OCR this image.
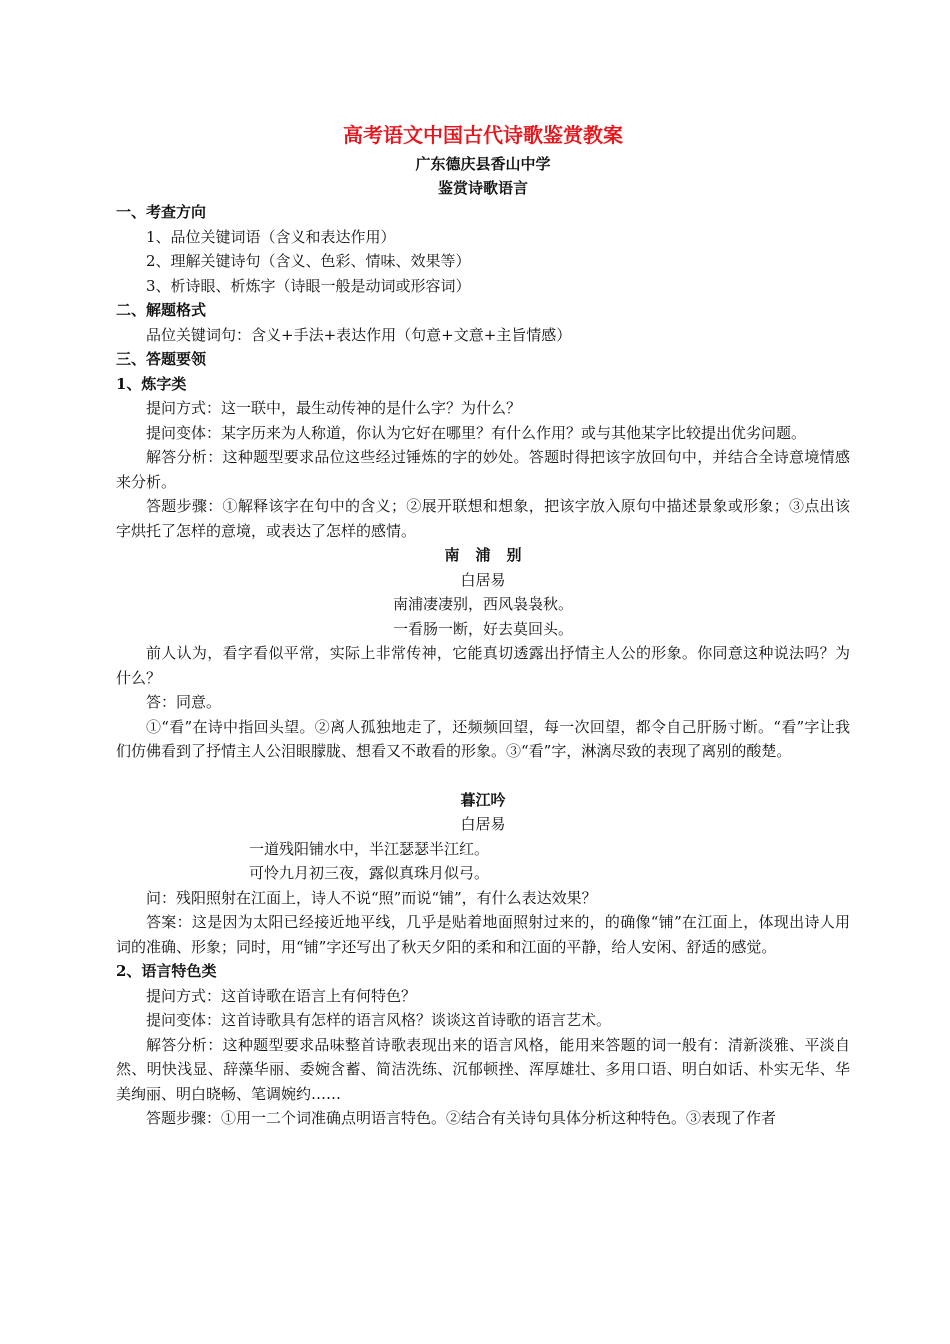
高考语文中国古代诗歌鉴赏教案
广东德庆县香山中学
鉴赏诗歌语言
一、考查方向

1、品位关键词语（含义和表达作用）

2、理解关键诗句（含义、色彩、情味、效果等）

3、析诗眼、析炼字（诗眼一般是动词或形容词）

二、解题格式

品位关键词句：含义+手法+表达作用（句意+文意+主旨情感）

三、答题要领
1、炼字类

提问方式：这一联中，最生动传神的是什么字？为什么？

提问变体：某字历来为人称道，你认为它好在哪里？有什么作用？或与其他某字比较提出优劣问题。

解答分析：这种题型要求品位这些经过锤炼的字的妙处。答题时得把该字放回句中，并结合全诗意境情感来分析。

答题步骤：①解释该字在句中的含义；②展开联想和想象，把该字放入原句中描述景象或形象；③点出该字烘托了怎样的意境，或表达了怎样的感情。

南浦别
白居易
南浦凄凄别，西风袅袅秋。
一看肠一断，好去莫回头。

前人认为，看字看似平常，实际上非常传神，它能真切透露出抒情主人公的形象。你同意这种说法吗？为什么？

答：同意。

①“看”在诗中指回头望。②离人孤独地走了，还频频回望，每一次回望，都令自己肝肠寸断。“看”字让我们仿佛看到了抒情主人公泪眼朦胧、想看又不敢看的形象。③“看”字，淋漓尽致的表现了离别的酸楚。

暮江吟
白居易
一道残阳铺水中，半江瑟瑟半江红。
可怜九月初三夜，露似真珠月似弓。

问：残阳照射在江面上，诗人不说“照”而说“铺”，有什么表达效果？

答案：这是因为太阳已经接近地平线，几乎是贴着地面照射过来的，的确像“铺”在江面上，体现出诗人用词的准确、形象；同时，用“铺”字还写出了秋天夕阳的柔和和江面的平静，给人安闲、舒适的感觉。

2、语言特色类

提问方式：这首诗歌在语言上有何特色？

提问变体：这首诗歌具有怎样的语言风格？谈谈这首诗歌的语言艺术。

解答分析：这种题型要求品味整首诗歌表现出来的语言风格，能用来答题的词一般有：清新淡雅、平淡自然、明快浅显、辞藻华丽、委婉含蓄、简洁洗练、沉郁顿挫、浑厚雄壮、多用口语、明白如话、朴实无华、华美绚丽、明白晓畅、笔调婉约……

答题步骤：①用一二个词准确点明语言特色。②结合有关诗句具体分析这种特色。③表现了作者
